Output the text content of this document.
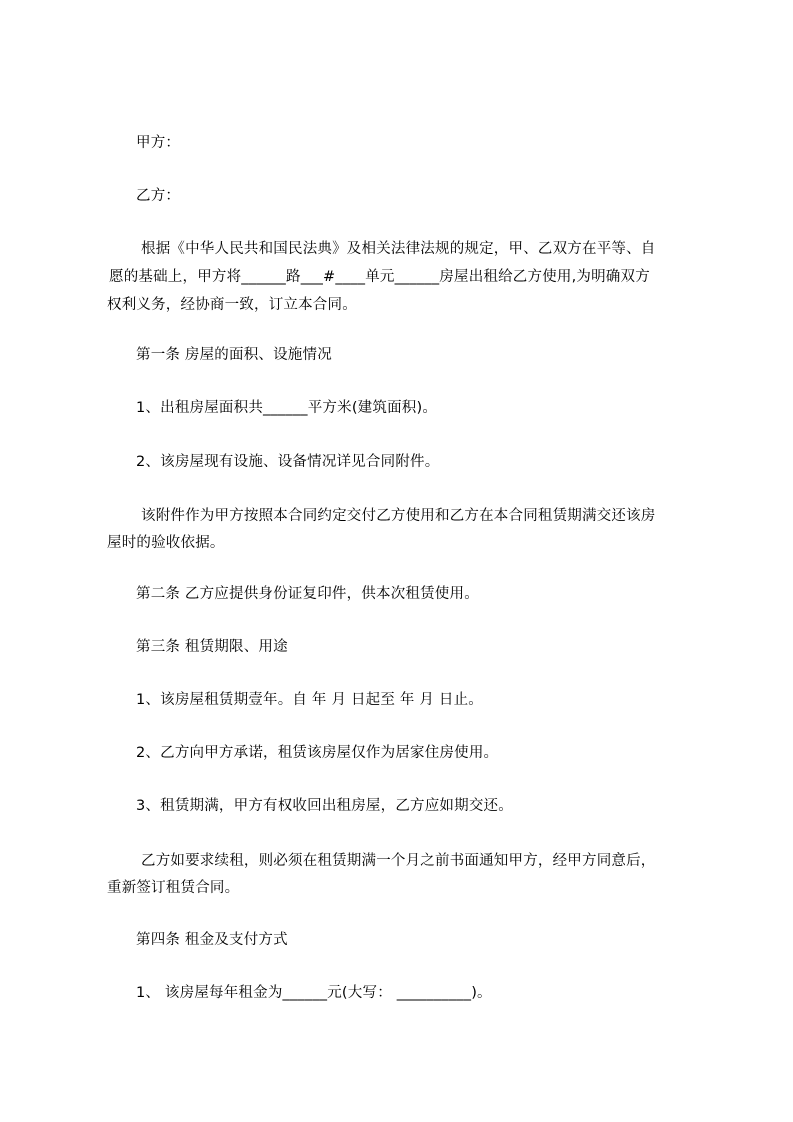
甲方：
乙方：
根据《中华人民共和国民法典》及相关法律法规的规定，甲、乙双方在平等、自
愿的基础上，甲方将______路___#____单元______房屋出租给乙方使用,为明确双方
权利义务，经协商一致，订立本合同。
第一条 房屋的面积、设施情况
1、出租房屋面积共______平方米(建筑面积)。
2、该房屋现有设施、设备情况详见合同附件。
该附件作为甲方按照本合同约定交付乙方使用和乙方在本合同租赁期满交还该房
屋时的验收依据。
第二条 乙方应提供身份证复印件，供本次租赁使用。
第三条 租赁期限、用途
1、该房屋租赁期壹年。自 年 月 日起至 年 月 日止。
2、乙方向甲方承诺，租赁该房屋仅作为居家住房使用。
3、租赁期满，甲方有权收回出租房屋，乙方应如期交还。
乙方如要求续租，则必须在租赁期满一个月之前书面通知甲方，经甲方同意后，
重新签订租赁合同。
第四条 租金及支付方式
1、 该房屋每年租金为______元(大写： __________)。
